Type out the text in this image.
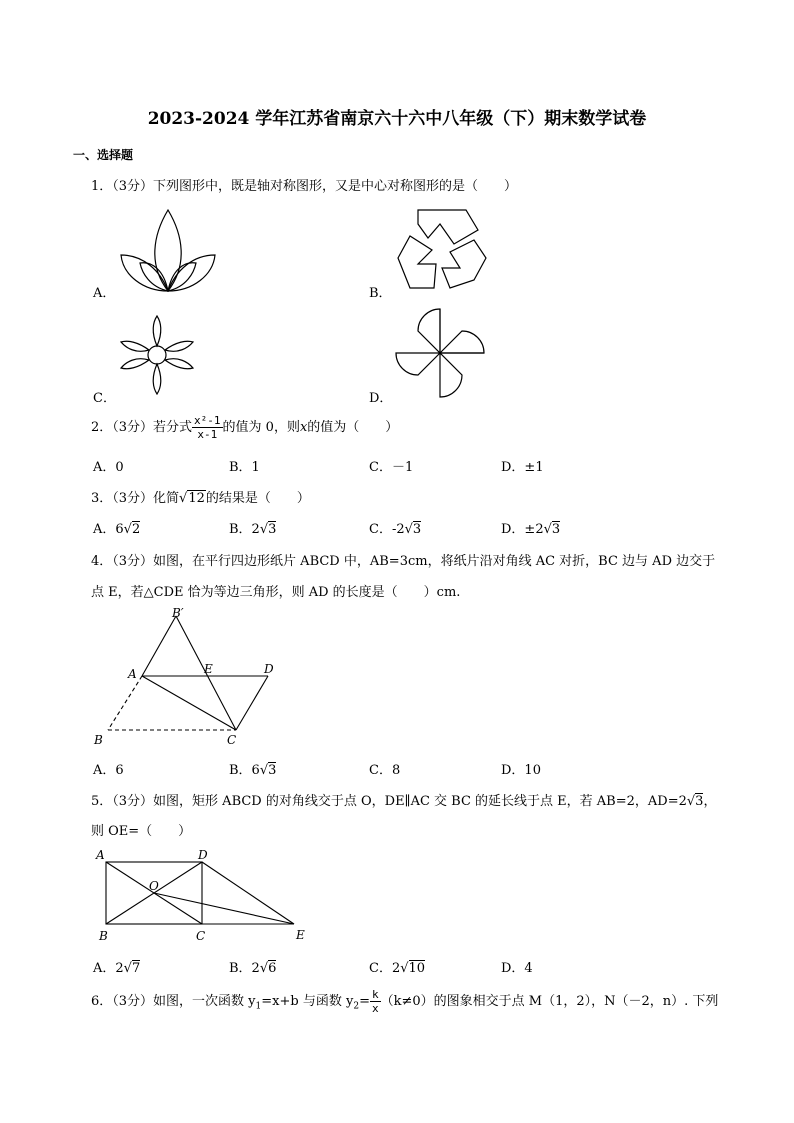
2023-2024 学年江苏省南京六十六中八年级（下）期末数学试卷
一、选择题
1．（3分）下列图形中，既是轴对称图形，又是中心对称图形的是（　　）
A．	B．
C．	D．
2．（3分）若分式 $\frac{\text{x²-1}}{x-1}$ 的值为 0，则x的值为（　　）
A．0	B．1	C．－1	D．±1
3．（3分）化简√12的结果是（　　）
A．6√2	B．2√3	C．-2√3	D．±2√3
4．（3分）如图，在平行四边形纸片 ABCD 中，AB=3cm，将纸片沿对角线 AC 对折，BC 边与 AD 边交于
点 E，若△CDE 恰为等边三角形，则 AD 的长度是（　　）cm.
B′
A	E	D
B	C
A．6	B．6√3	C．8	D．10
5．（3分）如图，矩形 ABCD 的对角线交于点 O，DE∥AC 交 BC 的延长线于点 E，若 AB=2，AD=2√3，
则 OE=（　　）
A	D
O
B	C	E
A．2√7	B．2√6	C．2√10	D．4
6．（3分）如图，一次函数 $y_1=x+b$ 与函数 $y_2= \frac{k}{x} (k\ne 0)$的图象相交于点 M（1，2），N（－2，n）. 下列
